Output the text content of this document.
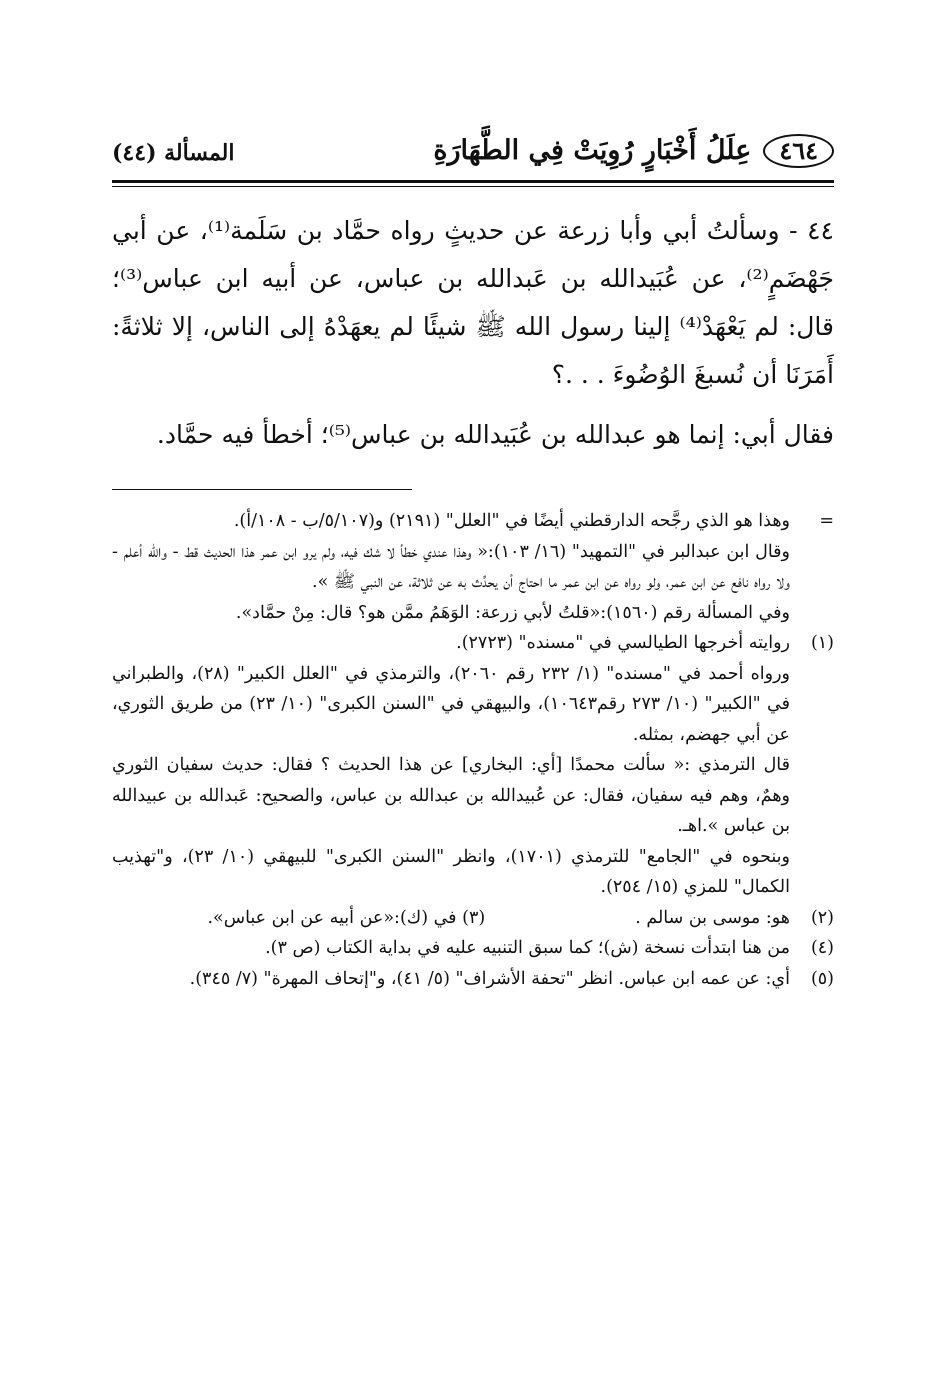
٤٦٤
عِلَلُ أَخْبَارٍ رُوِيَتْ فِي الطَّهَارَةِ
المسألة (٤٤)

٤٤ - وسألتُ أبي وأبا زرعة عن حديثٍ رواه حمَّاد بن سَلَمة⁽¹⁾، عن أبي جَهْضَمٍ⁽²⁾، عن عُبَيدالله بن عَبدالله بن عباس، عن أبيه ابن عباس⁽³⁾؛ قال: لم يَعْهَدْ⁽⁴⁾ إلينا رسول الله ﷺ شيئًا لم يعهَدْهُ إلى الناس، إلا ثلاثةً: أَمَرَنَا أن نُسبغَ الوُضُوءَ . . .؟

فقال أبي: إنما هو عبدالله بن عُبَيدالله بن عباس⁽⁵⁾؛ أخطأ فيه حمَّاد.

=

وهذا هو الذي رجَّحه الدارقطني أيضًا في "العلل" (٢١٩١) و(٥/١٠٧/ب - ١٠٨/أ).

وقال ابن عبدالبر في "التمهيد" (١٦/ ١٠٣):« وهذا عندي خطأ لا شك فيه، ولم يرو ابن عمر هذا الحديث قط - والله أعلم - ولا رواه نافع عن ابن عمر، ولو رواه عن ابن عمر ما احتاج أن يحدِّث به عن ثلاثة، عن النبي ﷺ ».

وفي المسألة رقم (١٥٦٠):«قلتُ لأبي زرعة: الوَهَمُ ممَّن هو؟ قال: مِنْ حمَّاد».

(١)

روايته أخرجها الطيالسي في "مسنده" (٢٧٢٣).

ورواه أحمد في "مسنده" (١/ ٢٣٢ رقم ٢٠٦٠)، والترمذي في "العلل الكبير" (٢٨)، والطبراني في "الكبير" (١٠/ ٢٧٣ رقم١٠٦٤٣)، والبيهقي في "السنن الكبرى" (١٠/ ٢٣) من طريق الثوري، عن أبي جهضم، بمثله.

قال الترمذي :« سألت محمدًا [أي: البخاري] عن هذا الحديث ؟ فقال: حديث سفيان الثوري وهمٌ، وهم فيه سفيان، فقال: عن عُبيدالله بن عبدالله بن عباس، والصحيح: عَبدالله بن عبيدالله بن عباس ».اهـ.

وبنحوه في "الجامع" للترمذي (١٧٠١)، وانظر "السنن الكبرى" للبيهقي (١٠/ ٢٣)، و"تهذيب الكمال" للمزي (١٥/ ٢٥٤).

(٢)
هو: موسى بن سالم .
(٣) في (ك):«عن أبيه عن ابن عباس».
(٤)

من هنا ابتدأت نسخة (ش)؛ كما سبق التنبيه عليه في بداية الكتاب (ص ٣).

(٥)

أي: عن عمه ابن عباس. انظر "تحفة الأشراف" (٥/ ٤١)، و"إتحاف المهرة" (٧/ ٣٤٥).
